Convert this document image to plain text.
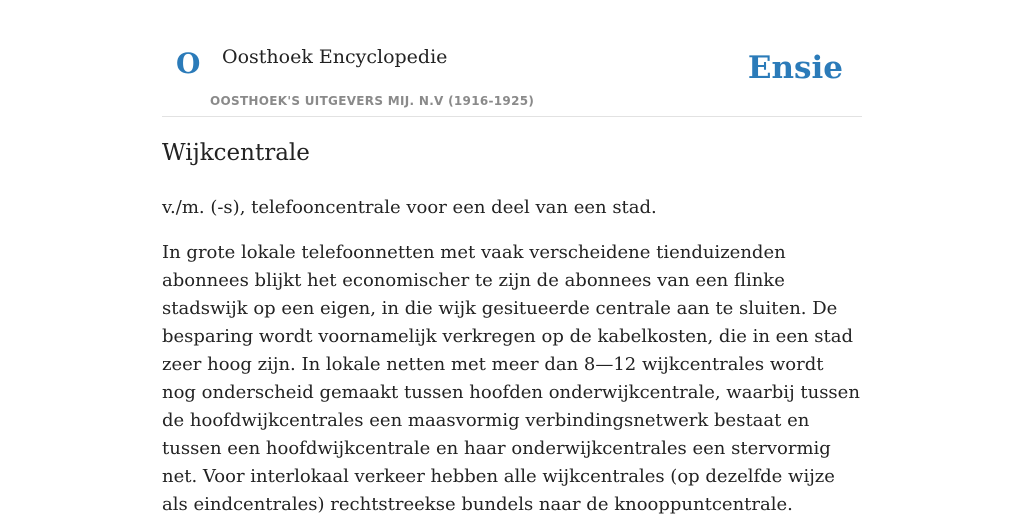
O Oosthoek Encyclopedie
OOSTHOEK'S UITGEVERS MIJ. N.V (1916-1925)
Ensie
Wijkcentrale

v./m. (-s), telefooncentrale voor een deel van een stad.

In grote lokale telefoonnetten met vaak verscheidene tienduizenden abonnees blijkt het economischer te zijn de abonnees van een flinke stadswijk op een eigen, in die wijk gesitueerde centrale aan te sluiten. De besparing wordt voornamelijk verkregen op de kabelkosten, die in een stad zeer hoog zijn. In lokale netten met meer dan 8—12 wijkcentrales wordt nog onderscheid gemaakt tussen hoofden onderwijkcentrale, waarbij tussen de hoofdwijkcentrales een maasvormig verbindingsnetwerk bestaat en tussen een hoofdwijkcentrale en haar onderwijkcentrales een stervormig net. Voor interlokaal verkeer hebben alle wijkcentrales (op dezelfde wijze als eindcentrales) rechtstreekse bundels naar de knooppuntcentrale.
